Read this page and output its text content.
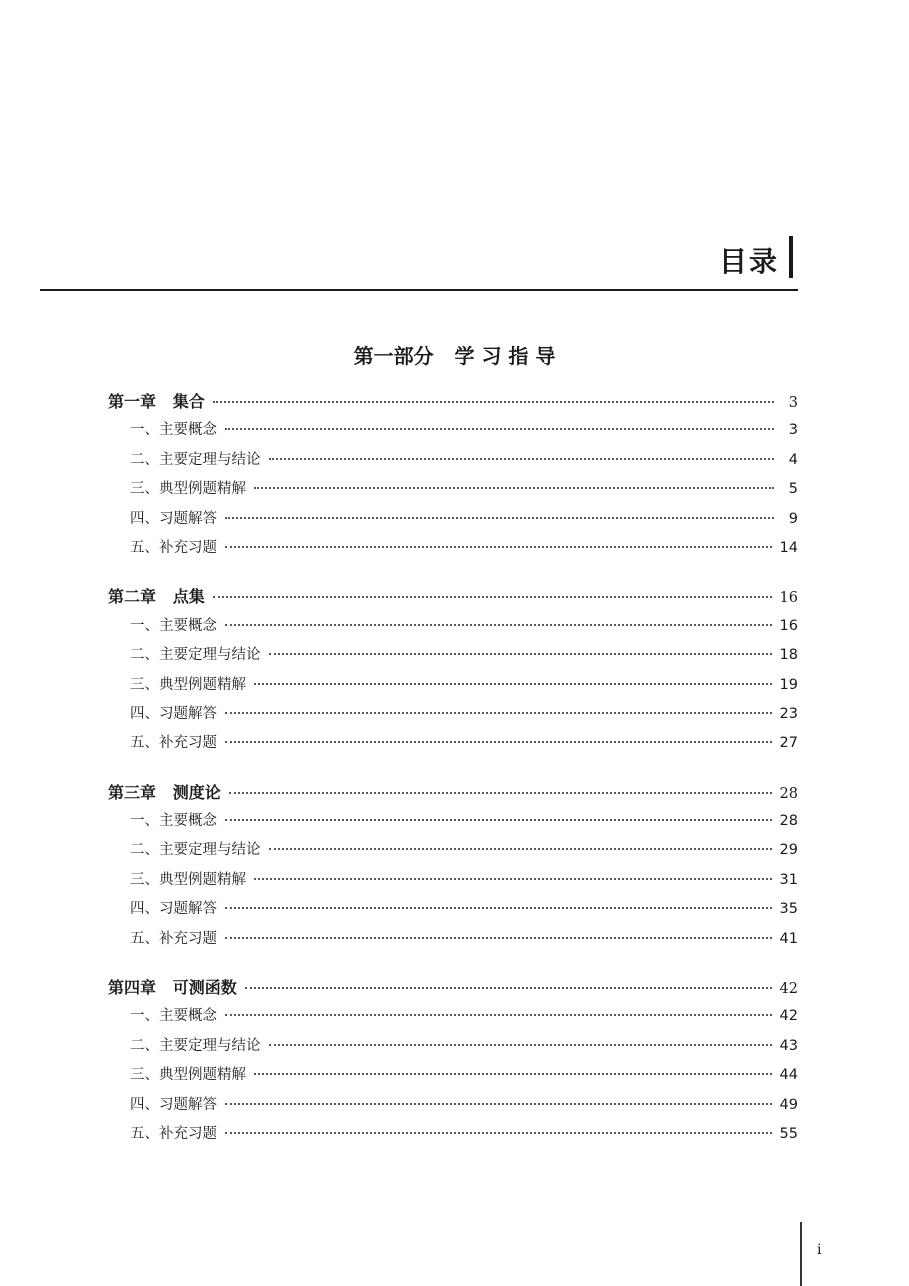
目录
第一部分   学 习 指 导
第一章   集合	3
一、主要概念	3
二、主要定理与结论	4
三、典型例题精解	5
四、习题解答	9
五、补充习题	14
第二章   点集	16
一、主要概念	16
二、主要定理与结论	18
三、典型例题精解	19
四、习题解答	23
五、补充习题	27
第三章   测度论	28
一、主要概念	28
二、主要定理与结论	29
三、典型例题精解	31
四、习题解答	35
五、补充习题	41
第四章   可测函数	42
一、主要概念	42
二、主要定理与结论	43
三、典型例题精解	44
四、习题解答	49
五、补充习题	55
i
